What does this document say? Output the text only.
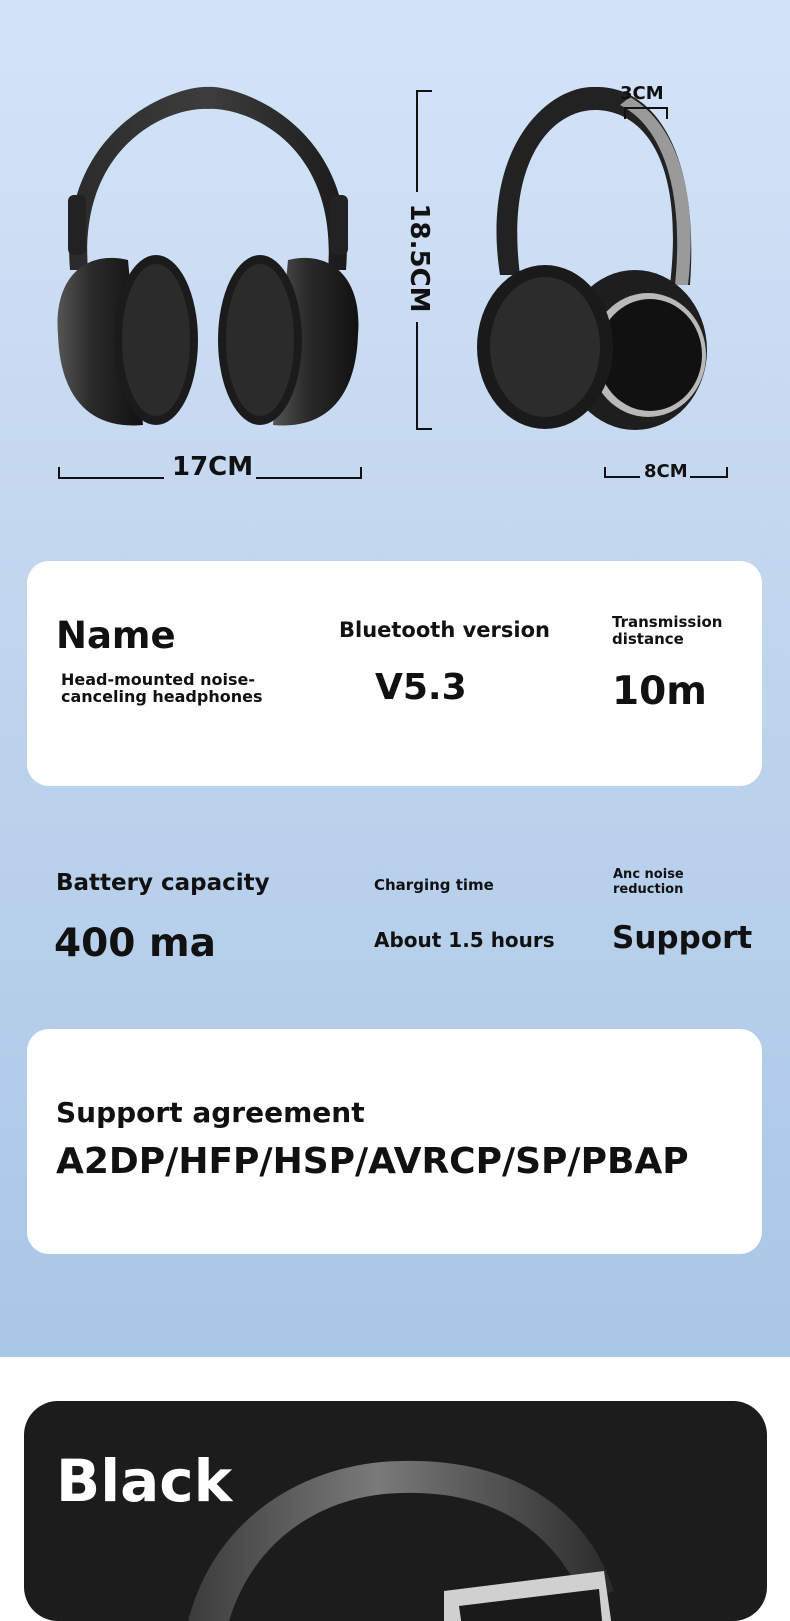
17CM
18.5CM
3CM
8CM
Name
Head-mounted noise-canceling headphones
Bluetooth version
V5.3
Transmission distance
10m
Battery capacity
400 ma
Charging time
About 1.5 hours
Anc noise reduction
Support
Support agreement
A2DP/HFP/HSP/AVRCP/SP/PBAP
Black
